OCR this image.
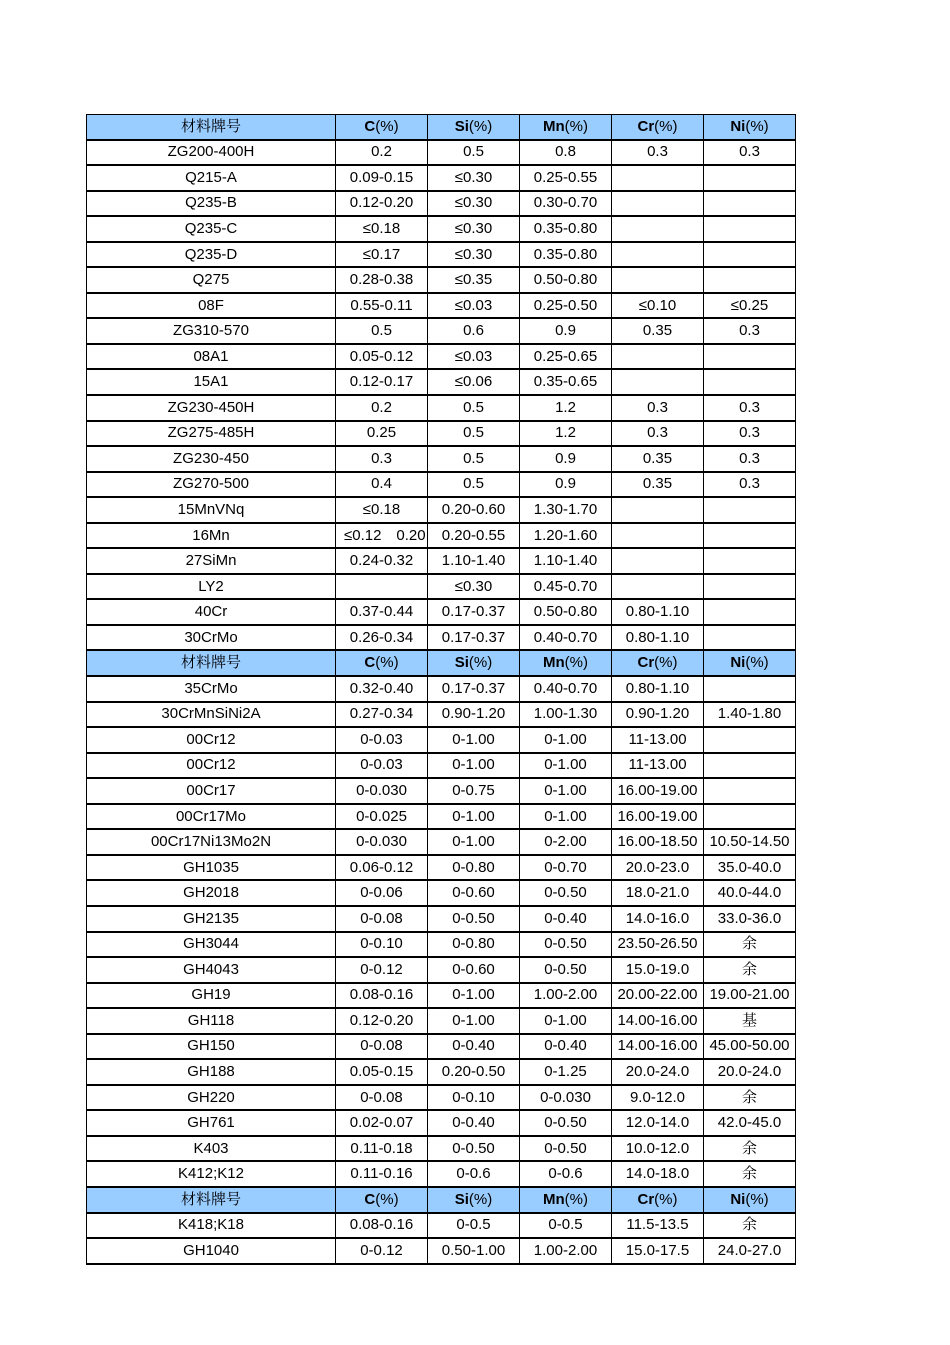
材料牌号	C(%)	Si(%)	Mn(%)	Cr(%)	Ni(%)
ZG200-400H	0.2	0.5	0.8	0.3	0.3
Q215-A	0.09-0.15	≤0.30	0.25-0.55		
Q235-B	0.12-0.20	≤0.30	0.30-0.70		
Q235-C	≤0.18	≤0.30	0.35-0.80		
Q235-D	≤0.17	≤0.30	0.35-0.80		
Q275	0.28-0.38	≤0.35	0.50-0.80		
08F	0.55-0.11	≤0.03	0.25-0.50	≤0.10	≤0.25
ZG310-570	0.5	0.6	0.9	0.35	0.3
08A1	0.05-0.12	≤0.03	0.25-0.65		
15A1	0.12-0.17	≤0.06	0.35-0.65		
ZG230-450H	0.2	0.5	1.2	0.3	0.3
ZG275-485H	0.25	0.5	1.2	0.3	0.3
ZG230-450	0.3	0.5	0.9	0.35	0.3
ZG270-500	0.4	0.5	0.9	0.35	0.3
15MnVNq	≤0.18	0.20-0.60	1.30-1.70		
16Mn	≤0.12　0.20	0.20-0.55	1.20-1.60		
27SiMn	0.24-0.32	1.10-1.40	1.10-1.40		
LY2		≤0.30	0.45-0.70		
40Cr	0.37-0.44	0.17-0.37	0.50-0.80	0.80-1.10	
30CrMo	0.26-0.34	0.17-0.37	0.40-0.70	0.80-1.10	
材料牌号	C(%)	Si(%)	Mn(%)	Cr(%)	Ni(%)
35CrMo	0.32-0.40	0.17-0.37	0.40-0.70	0.80-1.10	
30CrMnSiNi2A	0.27-0.34	0.90-1.20	1.00-1.30	0.90-1.20	1.40-1.80
00Cr12	0-0.03	0-1.00	0-1.00	11-13.00	
00Cr12	0-0.03	0-1.00	0-1.00	11-13.00	
00Cr17	0-0.030	0-0.75	0-1.00	16.00-19.00	
00Cr17Mo	0-0.025	0-1.00	0-1.00	16.00-19.00	
00Cr17Ni13Mo2N	0-0.030	0-1.00	0-2.00	16.00-18.50	10.50-14.50
GH1035	0.06-0.12	0-0.80	0-0.70	20.0-23.0	35.0-40.0
GH2018	0-0.06	0-0.60	0-0.50	18.0-21.0	40.0-44.0
GH2135	0-0.08	0-0.50	0-0.40	14.0-16.0	33.0-36.0
GH3044	0-0.10	0-0.80	0-0.50	23.50-26.50	余
GH4043	0-0.12	0-0.60	0-0.50	15.0-19.0	余
GH19	0.08-0.16	0-1.00	1.00-2.00	20.00-22.00	19.00-21.00
GH118	0.12-0.20	0-1.00	0-1.00	14.00-16.00	基
GH150	0-0.08	0-0.40	0-0.40	14.00-16.00	45.00-50.00
GH188	0.05-0.15	0.20-0.50	0-1.25	20.0-24.0	20.0-24.0
GH220	0-0.08	0-0.10	0-0.030	9.0-12.0	余
GH761	0.02-0.07	0-0.40	0-0.50	12.0-14.0	42.0-45.0
K403	0.11-0.18	0-0.50	0-0.50	10.0-12.0	余
K412;K12	0.11-0.16	0-0.6	0-0.6	14.0-18.0	余
材料牌号	C(%)	Si(%)	Mn(%)	Cr(%)	Ni(%)
K418;K18	0.08-0.16	0-0.5	0-0.5	11.5-13.5	余
GH1040	0-0.12	0.50-1.00	1.00-2.00	15.0-17.5	24.0-27.0
